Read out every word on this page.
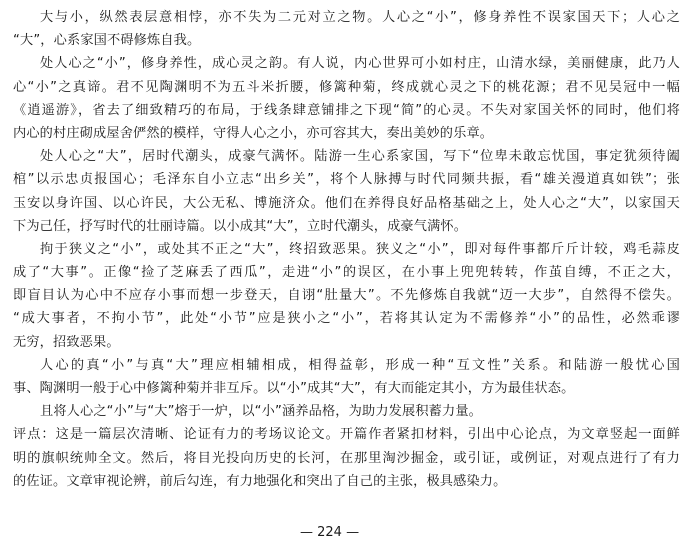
大与小，纵然表层意相悖，亦不失为二元对立之物。人心之“小”，修身养性不误家国天下；人心之
“大”，心系家国不碍修炼自我。
处人心之“小”，修身养性，成心灵之韵。有人说，内心世界可小如村庄，山清水绿，美丽健康，此乃人
心“小”之真谛。君不见陶渊明不为五斗米折腰，修篱种菊，终成就心灵之下的桃花源；君不见吴冠中一幅
《逍遥游》，省去了细致精巧的布局，于线条肆意铺排之下现“简”的心灵。不失对家国关怀的同时，他们将
内心的村庄砌成屋舍俨然的模样，守得人心之小，亦可容其大，奏出美妙的乐章。
处人心之“大”，居时代潮头，成豪气满怀。陆游一生心系家国，写下“位卑未敢忘忧国，事定犹须待阖
棺”以示忠贞报国心；毛泽东自小立志“出乡关”，将个人脉搏与时代同频共振，看“雄关漫道真如铁”；张
玉安以身许国、以心许民，大公无私、博施济众。他们在养得良好品格基础之上，处人心之“大”，以家国天
下为己任，抒写时代的壮丽诗篇。以小成其“大”，立时代潮头，成豪气满怀。
拘于狭义之“小”，或处其不正之“大”，终招致恶果。狭义之“小”，即对每件事都斤斤计较，鸡毛蒜皮
成了“大事”。正像“捡了芝麻丢了西瓜”，走进“小”的误区，在小事上兜兜转转，作茧自缚，不正之大，
即盲目认为心中不应存小事而想一步登天，自诩“肚量大”。不先修炼自我就“迈一大步”，自然得不偿失。
“成大事者，不拘小节”，此处“小节”应是狭小之“小”，若将其认定为不需修养“小”的品性，必然乖谬
无穷，招致恶果。
人心的真“小”与真“大”理应相辅相成，相得益彰，形成一种“互文性”关系。和陆游一般忧心国
事、陶渊明一般于心中修篱种菊并非互斥。以“小”成其“大”，有大而能定其小，方为最佳状态。
且将人心之“小”与“大”熔于一炉，以“小”涵养品格，为助力发展积蓄力量。
评点：这是一篇层次清晰、论证有力的考场议论文。开篇作者紧扣材料，引出中心论点，为文章竖起一面鲜
明的旗帜统帅全文。然后，将目光投向历史的长河，在那里淘沙掘金，或引证，或例证，对观点进行了有力
的佐证。文章审视论辨，前后勾连，有力地强化和突出了自己的主张，极具感染力。
— 224 —
